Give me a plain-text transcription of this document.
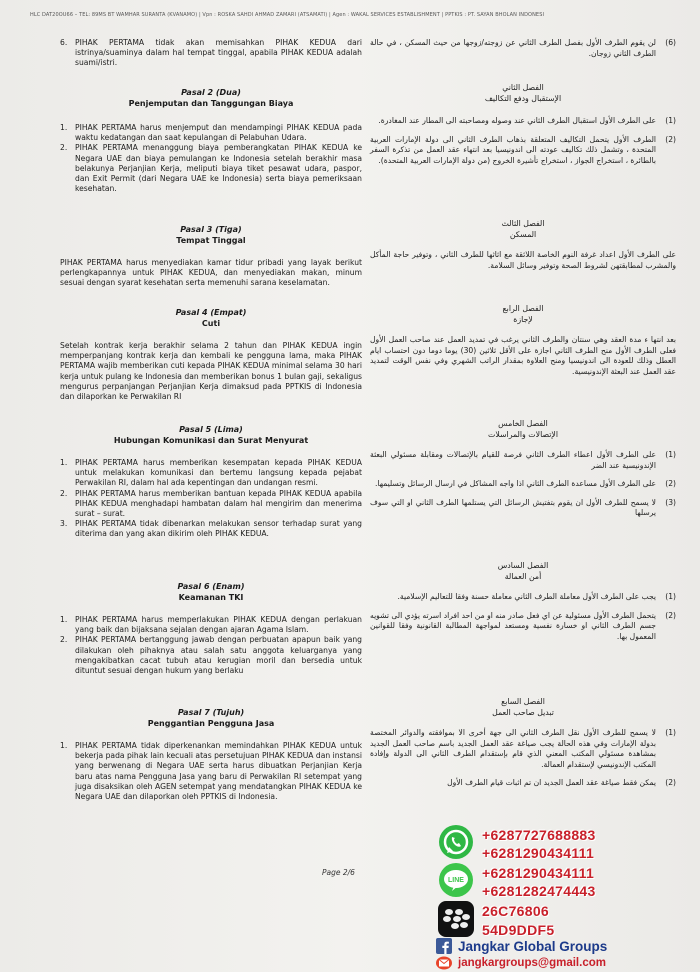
HLC DAT20OU66 – TEL: 89MS BT WAMHAR SURANTA (KVANAMO) | Vpn : ROSKA SAHDI AHMAD ZAMARI (ATSAMATI) | Agen : WAKAL SERVICES ESTABLISHMENT | PPTKIS : PT. SAYAN BHOLAN INDONESI
6. PIHAK PERTAMA tidak akan memisahkan PIHAK KEDUA dari istrinya/suaminya dalam hal tempat tinggal, apabila PIHAK KEDUA adalah suami/istri.
Pasal 2 (Dua)
Penjemputan dan Tanggungan Biaya
1. PIHAK PERTAMA harus menjemput dan mendampingi PIHAK KEDUA pada waktu kedatangan dan saat kepulangan di Pelabuhan Udara.
2. PIHAK PERTAMA menanggung biaya pemberangkatan PIHAK KEDUA ke Negara UAE dan biaya pemulangan ke Indonesia setelah berakhir masa belakunya Perjanjian Kerja, meliputi biaya tiket pesawat udara, paspor, dan Exit Permit (dari Negara UAE ke Indonesia) serta biaya pemeriksaan kesehatan.
Pasal 3 (Tiga)
Tempat Tinggal

PIHAK PERTAMA harus menyediakan kamar tidur pribadi yang layak berikut perlengkapannya untuk PIHAK KEDUA, dan menyediakan makan, minum sesuai dengan syarat kesehatan serta memenuhi sarana keselamatan.

Pasal 4 (Empat)
Cuti

Setelah kontrak kerja berakhir selama 2 tahun dan PIHAK KEDUA ingin memperpanjang kontrak kerja dan kembali ke pengguna lama, maka PIHAK PERTAMA wajib memberikan cuti kepada PIHAK KEDUA minimal selama 30 hari kerja untuk pulang ke Indonesia dan memberikan bonus 1 bulan gaji, sekaligus mengurus perpanjangan Perjanjian Kerja dimaksud pada PPTKIS di Indonesia dan dilaporkan ke Perwakilan RI

Pasal 5 (Lima)
Hubungan Komunikasi dan Surat Menyurat
1. PIHAK PERTAMA harus memberikan kesempatan kepada PIHAK KEDUA untuk melakukan komunikasi dan bertemu langsung kepada pejabat Perwakilan RI, dalam hal ada kepentingan dan undangan resmi.
2. PIHAK PERTAMA harus memberikan bantuan kepada PIHAK KEDUA apabila PIHAK KEDUA menghadapi hambatan dalam hal mengirim dan menerima surat – surat.
3. PIHAK PERTAMA tidak dibenarkan melakukan sensor terhadap surat yang diterima dan yang akan dikirim oleh PIHAK KEDUA.
Pasal 6 (Enam)
Keamanan TKI
1. PIHAK PERTAMA harus memperlakukan PIHAK KEDUA dengan perlakuan yang baik dan bijaksana sejalan dengan ajaran Agama Islam.
2. PIHAK PERTAMA bertanggung jawab dengan perbuatan apapun baik yang dilakukan oleh pihaknya atau salah satu anggota keluarganya yang mengakibatkan cacat tubuh atau kerugian moril dan bersedia untuk dituntut sesuai dengan hukum yang berlaku
Pasal 7 (Tujuh)
Penggantian Pengguna Jasa
1. PIHAK PERTAMA tidak diperkenankan memindahkan PIHAK KEDUA untuk bekerja pada pihak lain kecuali atas persetujuan PIHAK KEDUA dan instansi yang berwenang di Negara UAE serta harus dibuatkan Perjanjian Kerja baru atas nama Pengguna Jasa yang baru di Perwakilan RI setempat yang juga disaksikan oleh AGEN setempat yang mendatangkan PIHAK KEDUA ke Negara UAE dan dilaporkan oleh PPTKIS di Indonesia.
(6)
لن يقوم الطرف الأول بفصل الطرف الثاني عن زوجته/زوجها من حيث المسكن ، في حالة الطرف الثاني زوجان.
الفصل الثاني
الإستقبال ودفع التكاليف
(1)
على الطرف الأول استقبال الطرف الثاني عند وصوله ومصاحبته الى المطار عند المغادرة.
(2)
الطرف الأول يتحمل التكاليف المتعلقة بذهاب الطرف الثاني الى دولة الإمارات العربية المتحدة ، وتشمل ذلك تكاليف عودته الى اندونيسيا بعد انتهاء عقد العمل من تذكرة السفر بالطائرة ، استخراج الجواز ، استخراج تأشيرة الخروج (من دولة الإمارات العربية المتحدة).
الفصل الثالث
المسكن

على الطرف الأول اعداد غرفة النوم الخاصة اللائقة مع اثاثها للطرف الثاني ، وتوفير حاجة المأكل والمشرب لمطابقتهن لشروط الصحة وتوفير وسائل السلامة.

الفصل الرابع
لإجازة

بعد انتها ء مدة العقد وهي سنتان والطرف الثاني يرغب في تمديد العمل عند صاحب العمل الأول فعلى الطرف الأول منح الطرف الثاني اجازة على الأقل ثلاثين (30) يوما دوما دون احتساب ايام العطل وذلك للعودة الى اندونيسيا ومنح العلاوة بمقدار الراتب الشهري وفي نفس الوقت لتمديد عقد العمل عند البعثة الإندونيسية.

الفصل الخامس
الإتصالات والمراسلات
(1)
على الطرف الأول اعطاء الطرف الثاني فرصة للقيام بالإتصالات ومقابلة مسئولي البعثة الإندونيسية عند الضر
(2)
على الطرف الأول مساعدة الطرف الثاني اذا واجه المشاكل في ارسال الرسائل وتسليمها.
(3)
لا يسمح للطرف الأول ان يقوم بتفتيش الرسائل التي يستلمها الطرف الثاني او التي سوف يرسلها
الفصل السادس
أمن العمالة
(1)
يجب على الطرف الأول معاملة الطرف الثاني معاملة حسنة وفقا للتعاليم الإسلامية.
(2)
يتحمل الطرف الأول مسئولية عن اي فعل صادر منه او من احد افراد اسرته يؤدي الى تشويه جسم الطرف الثاني او خسارة نفسية ومستعد لمواجهة المطالبة القانونية وفقا للقوانين المعمول بها.
الفصل السابع
تبديل صاحب العمل
(1)
لا يسمح للطرف الأول نقل الطرف الثاني الى جهة أخرى الا بموافقته والدوائر المختصة بدولة الإمارات وفي هذه الحالة يجب صياغة عقد العمل الجديد باسم صاحب العمل الجديد بمشاهدة مسئولي المكتب المعني الذي قام بإستقدام الطرف الثاني الى الدولة وإفادة المكتب الإندونيسي لإستقدام العمالة.
(2)
يمكن فقط صياغة عقد العمل الجديد ان تم اثبات قيام الطرف الأول
Page 2/6
+6287727688883
+6281290434111
LINE +6281290434111
+6281282474443
26C76806
54D9DDF5
Jangkar Global Groups
jangkargroups@gmail.com
